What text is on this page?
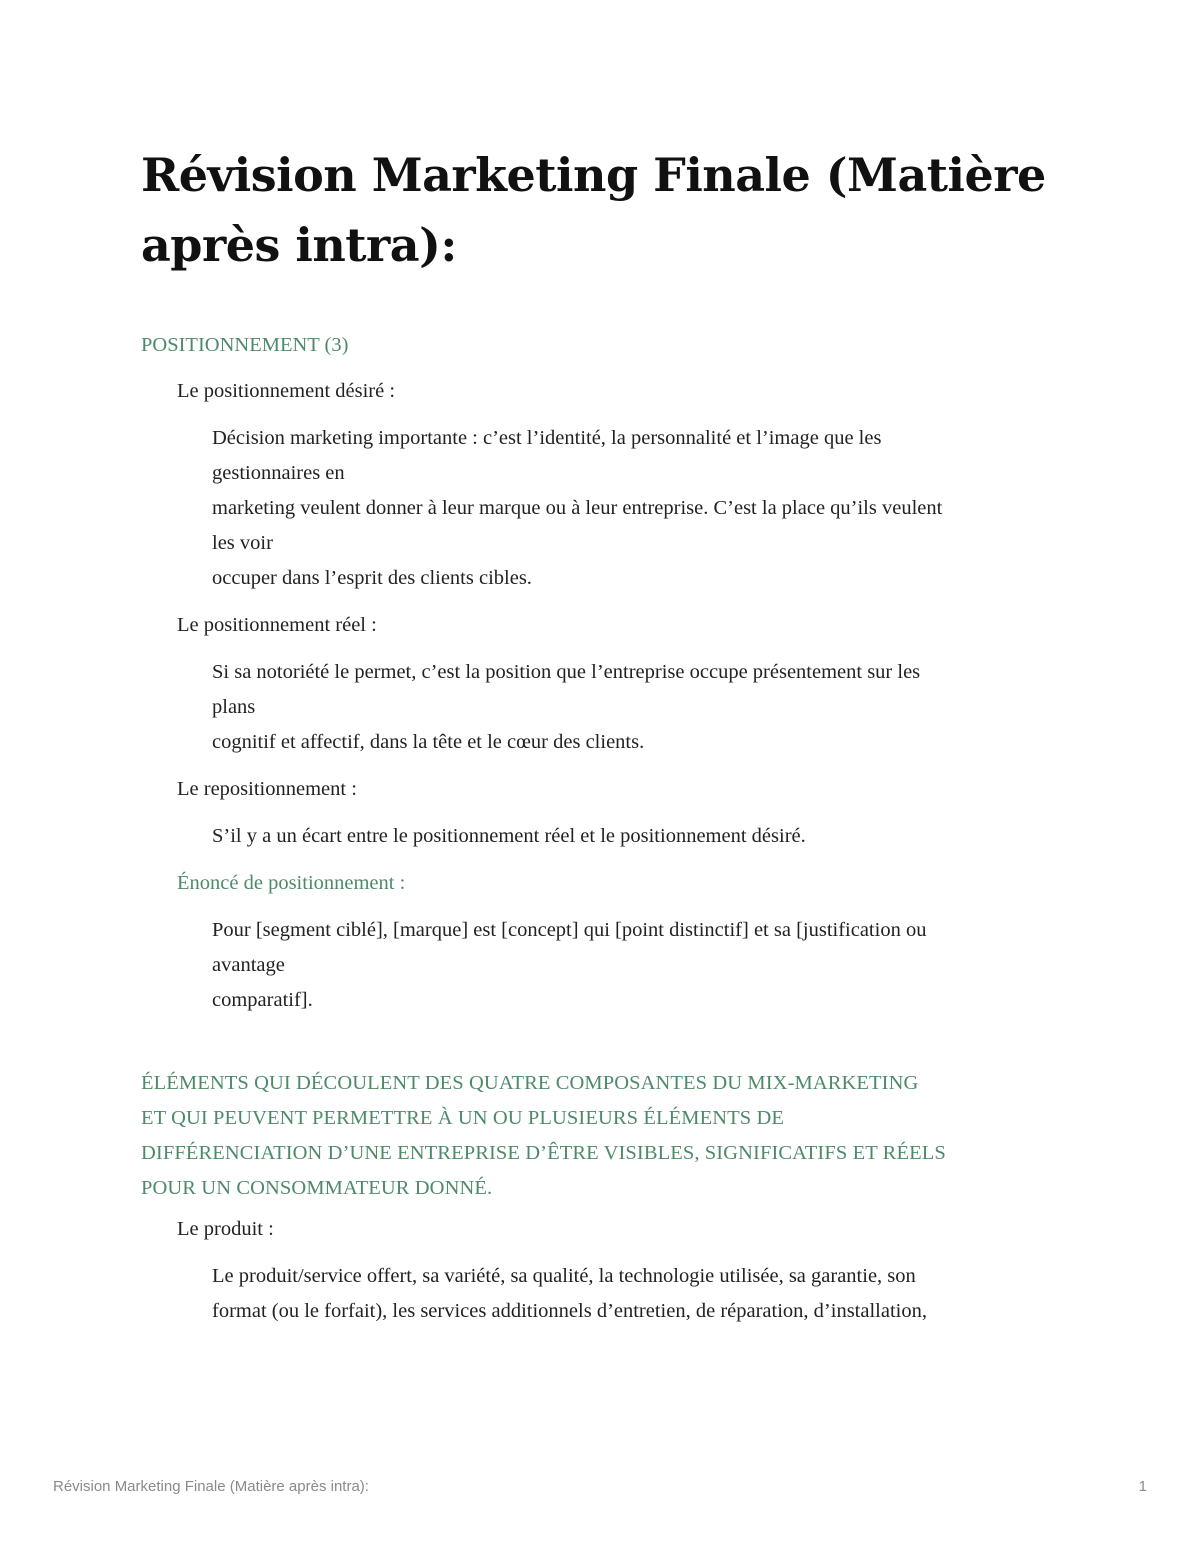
Révision Marketing Finale (Matière après intra):
POSITIONNEMENT (3)
Le positionnement désiré :
Décision marketing importante : c’est l’identité, la personnalité et l’image que les
gestionnaires en
marketing veulent donner à leur marque ou à leur entreprise. C’est la place qu’ils veulent
les voir
occuper dans l’esprit des clients cibles.
Le positionnement réel :
Si sa notoriété le permet, c’est la position que l’entreprise occupe présentement sur les
plans
cognitif et affectif, dans la tête et le cœur des clients.
Le repositionnement :
S’il y a un écart entre le positionnement réel et le positionnement désiré.
Énoncé de positionnement :
Pour [segment ciblé], [marque] est [concept] qui [point distinctif] et sa [justification ou
avantage
comparatif].
ÉLÉMENTS QUI DÉCOULENT DES QUATRE COMPOSANTES DU MIX-MARKETING
ET QUI PEUVENT PERMETTRE À UN OU PLUSIEURS ÉLÉMENTS DE
DIFFÉRENCIATION D’UNE ENTREPRISE D’ÊTRE VISIBLES, SIGNIFICATIFS ET RÉELS
POUR UN CONSOMMATEUR DONNÉ.
Le produit :
Le produit/service offert, sa variété, sa qualité, la technologie utilisée, sa garantie, son
format (ou le forfait), les services additionnels d’entretien, de réparation, d’installation,
Révision Marketing Finale (Matière après intra):	1
